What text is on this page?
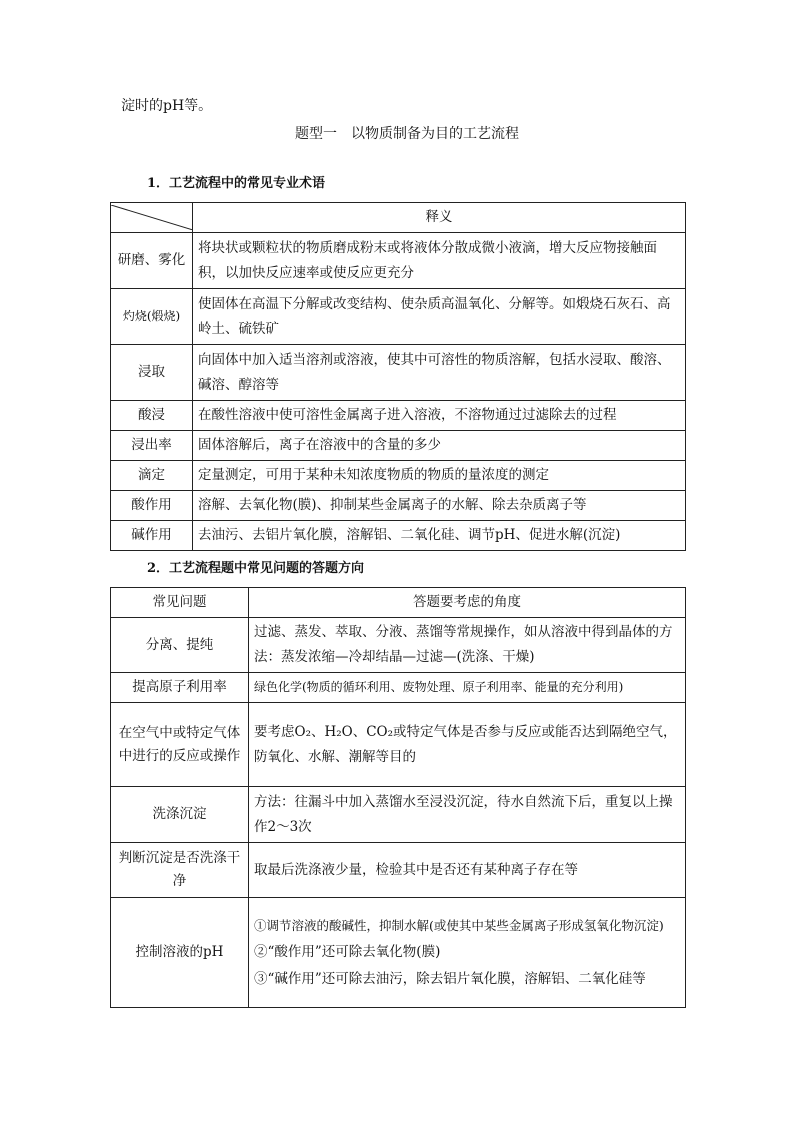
淀时的pH等。
题型一　以物质制备为目的工艺流程
1．工艺流程中的常见专业术语
	释义
研磨、雾化	将块状或颗粒状的物质磨成粉末或将液体分散成微小液滴，增大反应物接触面积，以加快反应速率或使反应更充分
灼烧(煅烧)	使固体在高温下分解或改变结构、使杂质高温氧化、分解等。如煅烧石灰石、高岭土、硫铁矿
浸取	向固体中加入适当溶剂或溶液，使其中可溶性的物质溶解，包括水浸取、酸溶、碱溶、醇溶等
酸浸	在酸性溶液中使可溶性金属离子进入溶液，不溶物通过过滤除去的过程
浸出率	固体溶解后，离子在溶液中的含量的多少
滴定	定量测定，可用于某种未知浓度物质的物质的量浓度的测定
酸作用	溶解、去氧化物(膜)、抑制某些金属离子的水解、除去杂质离子等
碱作用	去油污、去铝片氧化膜，溶解铝、二氧化硅、调节pH、促进水解(沉淀)
2．工艺流程题中常见问题的答题方向
常见问题	答题要考虑的角度
分离、提纯	过滤、蒸发、萃取、分液、蒸馏等常规操作，如从溶液中得到晶体的方法：蒸发浓缩—冷却结晶—过滤—(洗涤、干燥)
提高原子利用率	绿色化学(物质的循环利用、废物处理、原子利用率、能量的充分利用)
在空气中或特定气体中进行的反应或操作	要考虑O₂、H₂O、CO₂或特定气体是否参与反应或能否达到隔绝空气，防氧化、水解、潮解等目的
洗涤沉淀	方法：往漏斗中加入蒸馏水至浸没沉淀，待水自然流下后，重复以上操作2～3次
判断沉淀是否洗涤干净	取最后洗涤液少量，检验其中是否还有某种离子存在等
控制溶液的pH	①调节溶液的酸碱性，抑制水解(或使其中某些金属离子形成氢氧化物沉淀)
②“酸作用”还可除去氧化物(膜)
③“碱作用”还可除去油污，除去铝片氧化膜，溶解铝、二氧化硅等
